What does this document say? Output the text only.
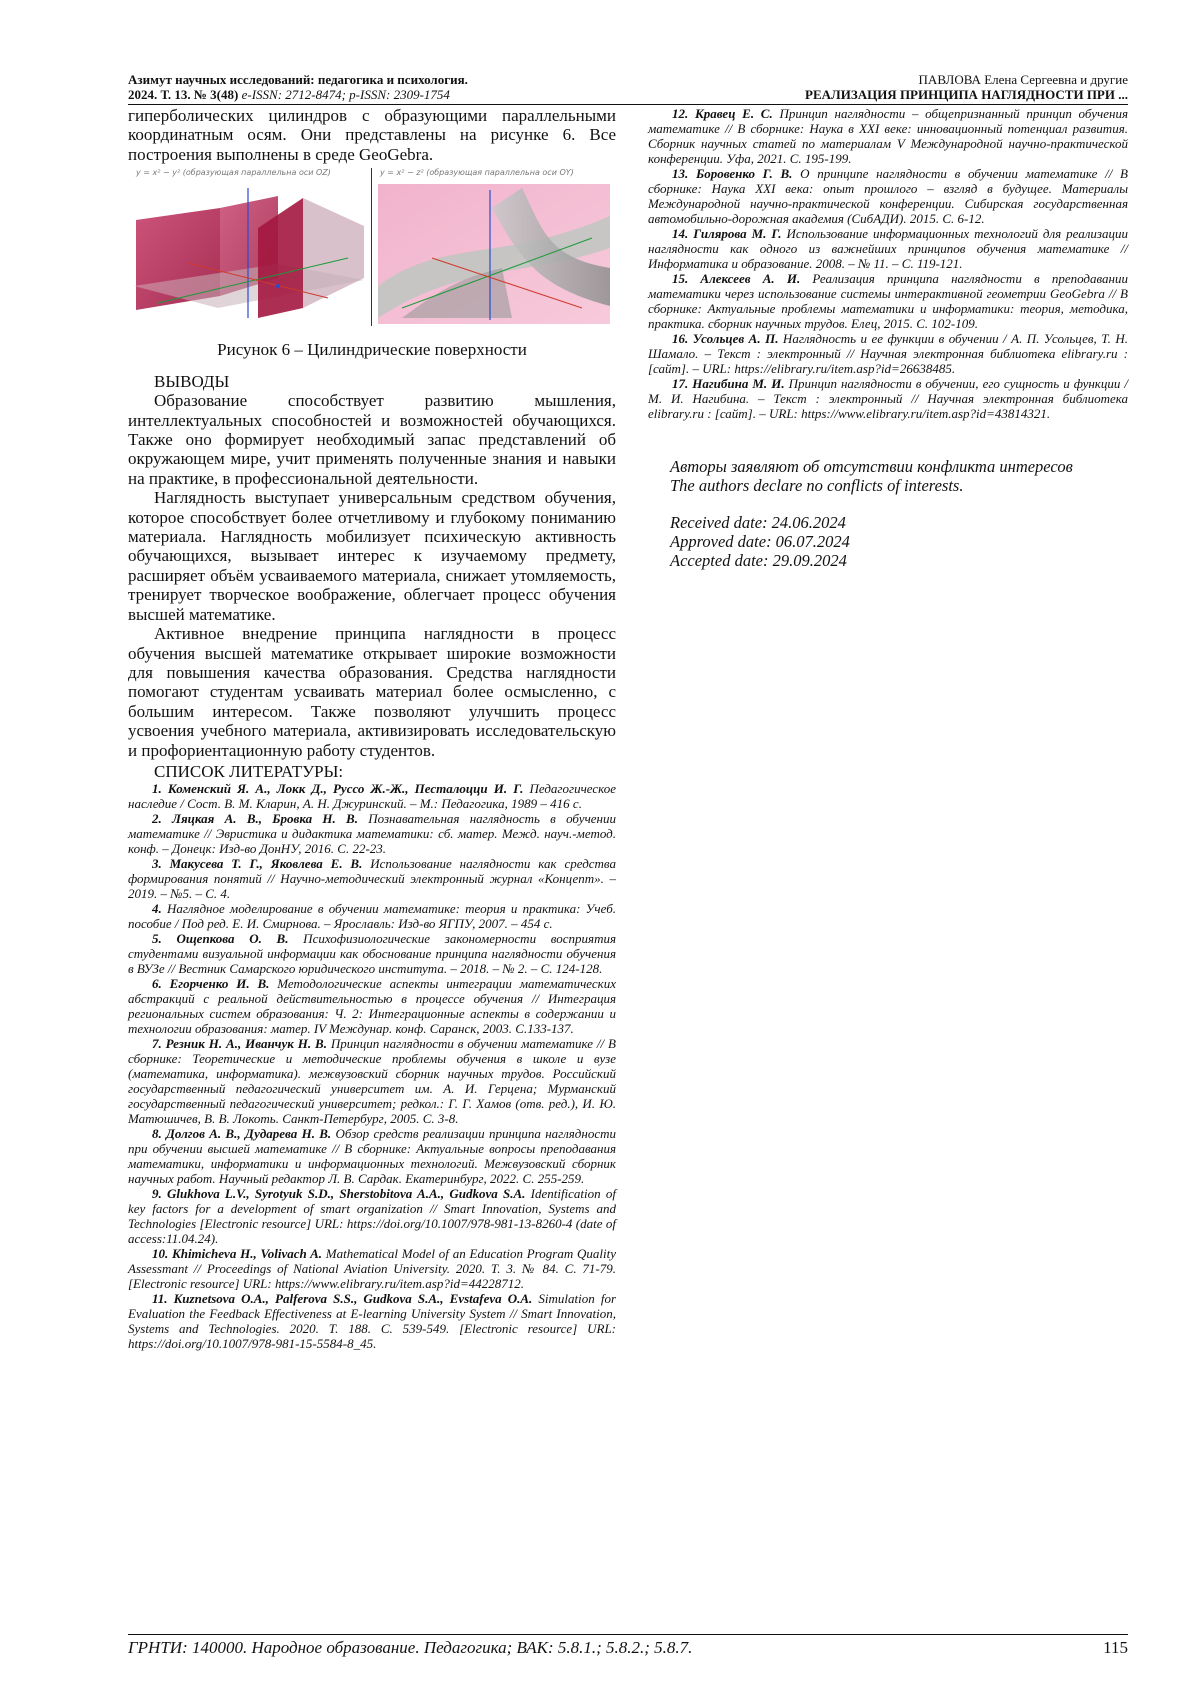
Азимут научных исследований: педагогика и психология.
2024. Т. 13. № 3(48) e-ISSN: 2712-8474; p-ISSN: 2309-1754
ПАВЛОВА Елена Сергеевна и другие
РЕАЛИЗАЦИЯ ПРИНЦИПА НАГЛЯДНОСТИ ПРИ ...

гиперболических цилиндров с образующими параллельными координатным осям. Они представлены на рисунке 6. Все построения выполнены в среде GeoGebra.

y = x² − y² (образующая параллельна оси OZ)	y = x² − z² (образующая параллельна оси OY)

Рисунок 6 – Цилиндрические поверхности

ВЫВОДЫ

Образование способствует развитию мышления, интеллектуальных способностей и возможностей обучающихся. Также оно формирует необходимый запас представлений об окружающем мире, учит применять полученные знания и навыки на практике, в профессиональной деятельности.

Наглядность выступает универсальным средством обучения, которое способствует более отчетливому и глубокому пониманию материала. Наглядность мобилизует психическую активность обучающихся, вызывает интерес к изучаемому предмету, расширяет объём усваиваемого материала, снижает утомляемость, тренирует творческое воображение, облегчает процесс обучения высшей математике.

Активное внедрение принципа наглядности в процесс обучения высшей математике открывает широкие возможности для повышения качества образования. Средства наглядности помогают студентам усваивать материал более осмысленно, с большим интересом. Также позволяют улучшить процесс усвоения учебного материала, активизировать исследовательскую и профориентационную работу студентов.

СПИСОК ЛИТЕРАТУРЫ:

1. Коменский Я. А., Локк Д., Руссо Ж.-Ж., Песталоцци И. Г. Педагогическое наследие / Сост. В. М. Кларин, А. Н. Джуринский. – М.: Педагогика, 1989 – 416 с.

2. Ляцкая А. В., Бровка Н. В. Познавательная наглядность в обучении математике // Эвристика и дидактика математики: сб. матер. Межд. науч.-метод. конф. – Донецк: Изд-во ДонНУ, 2016. С. 22-23.

3. Макусева Т. Г., Яковлева Е. В. Использование наглядности как средства формирования понятий // Научно-методический электронный журнал «Концепт». – 2019. – №5. – С. 4.

4. Наглядное моделирование в обучении математике: теория и практика: Учеб. пособие / Под ред. Е. И. Смирнова. – Ярославль: Изд-во ЯГПУ, 2007. – 454 с.

5. Ощепкова О. В. Психофизиологические закономерности восприятия студентами визуальной информации как обоснование принципа наглядности обучения в ВУЗе // Вестник Самарского юридического института. – 2018. – № 2. – С. 124-128.

6. Егорченко И. В. Методологические аспекты интеграции математических абстракций с реальной действительностью в процессе обучения // Интеграция региональных систем образования: Ч. 2: Интеграционные аспекты в содержании и технологии образования: матер. IV Междунар. конф. Саранск, 2003. С.133-137.

7. Резник Н. А., Иванчук Н. В. Принцип наглядности в обучении математике // В сборнике: Теоретические и методические проблемы обучения в школе и вузе (математика, информатика). межвузовский сборник научных трудов. Российский государственный педагогический университет им. А. И. Герцена; Мурманский государственный педагогический университет; редкол.: Г. Г. Хамов (отв. ред.), И. Ю. Матюшичев, В. В. Локоть. Санкт-Петербург, 2005. С. 3-8.

8. Долгов А. В., Дударева Н. В. Обзор средств реализации принципа наглядности при обучении высшей математике // В сборнике: Актуальные вопросы преподавания математики, информатики и информационных технологий. Межвузовский сборник научных работ. Научный редактор Л. В. Сардак. Екатеринбург, 2022. С. 255-259.

9. Glukhova L.V., Syrotyuk S.D., Sherstobitova A.A., Gudkova S.A. Identification of key factors for a development of smart organization // Smart Innovation, Systems and Technologies [Electronic resource] URL: https://doi.org/10.1007/978-981-13-8260-4 (date of access:11.04.24).

10. Khimicheva H., Volivach A. Mathematical Model of an Education Program Quality Assessmant // Proceedings of National Aviation University. 2020. Т. 3. № 84. С. 71-79. [Electronic resource] URL: https://www.elibrary.ru/item.asp?id=44228712.

11. Kuznetsova O.A., Palferova S.S., Gudkova S.A., Evstafeva O.A. Simulation for Evaluation the Feedback Effectiveness at E-learning University System // Smart Innovation, Systems and Technologies. 2020. Т. 188. С. 539-549. [Electronic resource] URL: https://doi.org/10.1007/978-981-15-5584-8_45.

12. Кравец Е. С. Принцип наглядности – общепризнанный принцип обучения математике // В сборнике: Наука в XXI веке: инновационный потенциал развития. Сборник научных статей по материалам V Международной научно-практической конференции. Уфа, 2021. С. 195-199.

13. Боровенко Г. В. О принципе наглядности в обучении математике // В сборнике: Наука XXI века: опыт прошлого – взгляд в будущее. Материалы Международной научно-практической конференции. Сибирская государственная автомобильно-дорожная академия (СибАДИ). 2015. С. 6-12.

14. Гилярова М. Г. Использование информационных технологий для реализации наглядности как одного из важнейших принципов обучения математике // Информатика и образование. 2008. – № 11. – С. 119-121.

15. Алексеев А. И. Реализация принципа наглядности в преподавании математики через использование системы интерактивной геометрии GeoGebra // В сборнике: Актуальные проблемы математики и информатики: теория, методика, практика. сборник научных трудов. Елец, 2015. С. 102-109.

16. Усольцев А. П. Наглядность и ее функции в обучении / А. П. Усольцев, Т. Н. Шамало. – Текст : электронный // Научная электронная библиотека elibrary.ru : [сайт]. – URL: https://elibrary.ru/item.asp?id=26638485.

17. Нагибина М. И. Принцип наглядности в обучении, его сущность и функции / М. И. Нагибина. – Текст : электронный // Научная электронная библиотека elibrary.ru : [сайт]. – URL: https://www.elibrary.ru/item.asp?id=43814321.

Авторы заявляют об отсутствии конфликта интересов

The authors declare no conflicts of interests.

Received date: 24.06.2024

Approved date: 06.07.2024

Accepted date: 29.09.2024

ГРНТИ: 140000. Народное образование. Педагогика; ВАК: 5.8.1.; 5.8.2.; 5.8.7.	115
